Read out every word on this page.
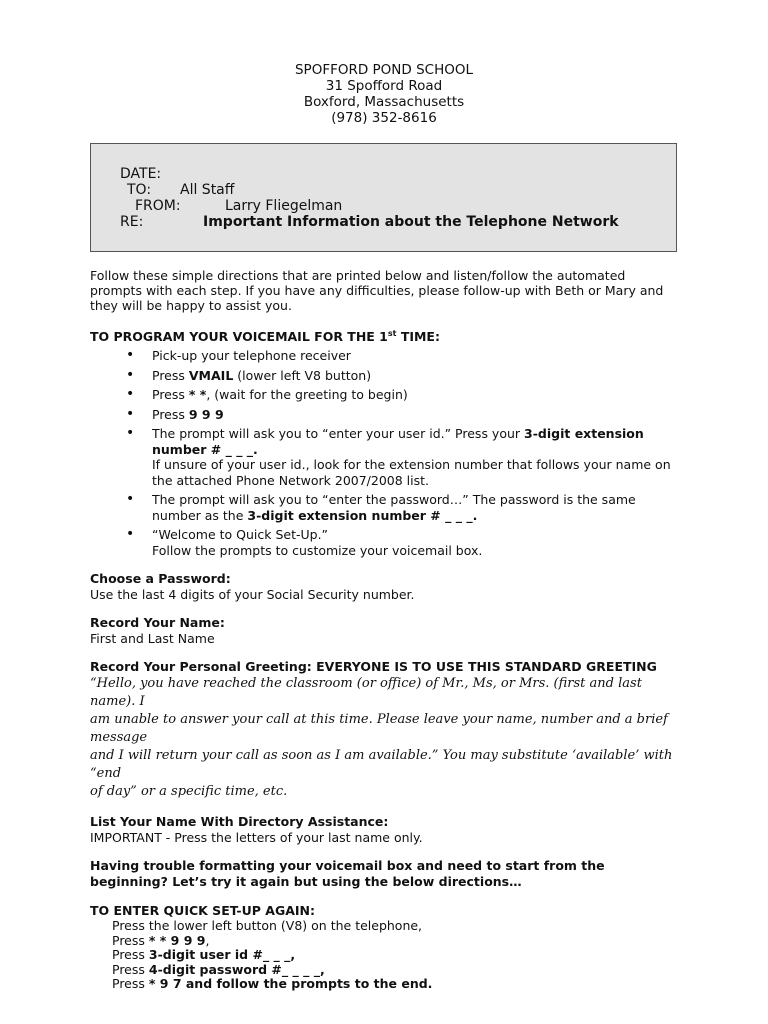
SPOFFORD POND SCHOOL
31 Spofford Road
Boxford, Massachusetts
(978) 352-8616
DATE:
TO: All Staff
FROM:	Larry Fliegelman
RE:	Important Information about the Telephone Network
Follow these simple directions that are printed below and listen/follow the automated
prompts with each step. If you have any difficulties, please follow-up with Beth or Mary and
they will be happy to assist you.
TO PROGRAM YOUR VOICEMAIL FOR THE 1st TIME:
• Pick-up your telephone receiver
• Press VMAIL (lower left V8 button)
• Press * *, (wait for the greeting to begin)
• Press 9 9 9
• The prompt will ask you to “enter your user id.” Press your 3-digit extension
number # _ _ _.
If unsure of your user id., look for the extension number that follows your name on
the attached Phone Network 2007/2008 list.
• The prompt will ask you to “enter the password…” The password is the same
number as the 3-digit extension number # _ _ _.
• “Welcome to Quick Set-Up.”
Follow the prompts to customize your voicemail box.
Choose a Password:
Use the last 4 digits of your Social Security number.
Record Your Name:
First and Last Name
Record Your Personal Greeting: EVERYONE IS TO USE THIS STANDARD GREETING
“Hello, you have reached the classroom (or office) of Mr., Ms, or Mrs. (first and last name). I
am unable to answer your call at this time. Please leave your name, number and a brief message
and I will return your call as soon as I am available.” You may substitute ‘available’ with “end
of day” or a specific time, etc.
List Your Name With Directory Assistance:
IMPORTANT - Press the letters of your last name only.
Having trouble formatting your voicemail box and need to start from the
beginning? Let’s try it again but using the below directions…
TO ENTER QUICK SET-UP AGAIN:
Press the lower left button (V8) on the telephone,
Press * * 9 9 9,
Press 3-digit user id #_ _ _,
Press 4-digit password #_ _ _ _,
Press * 9 7 and follow the prompts to the end.
